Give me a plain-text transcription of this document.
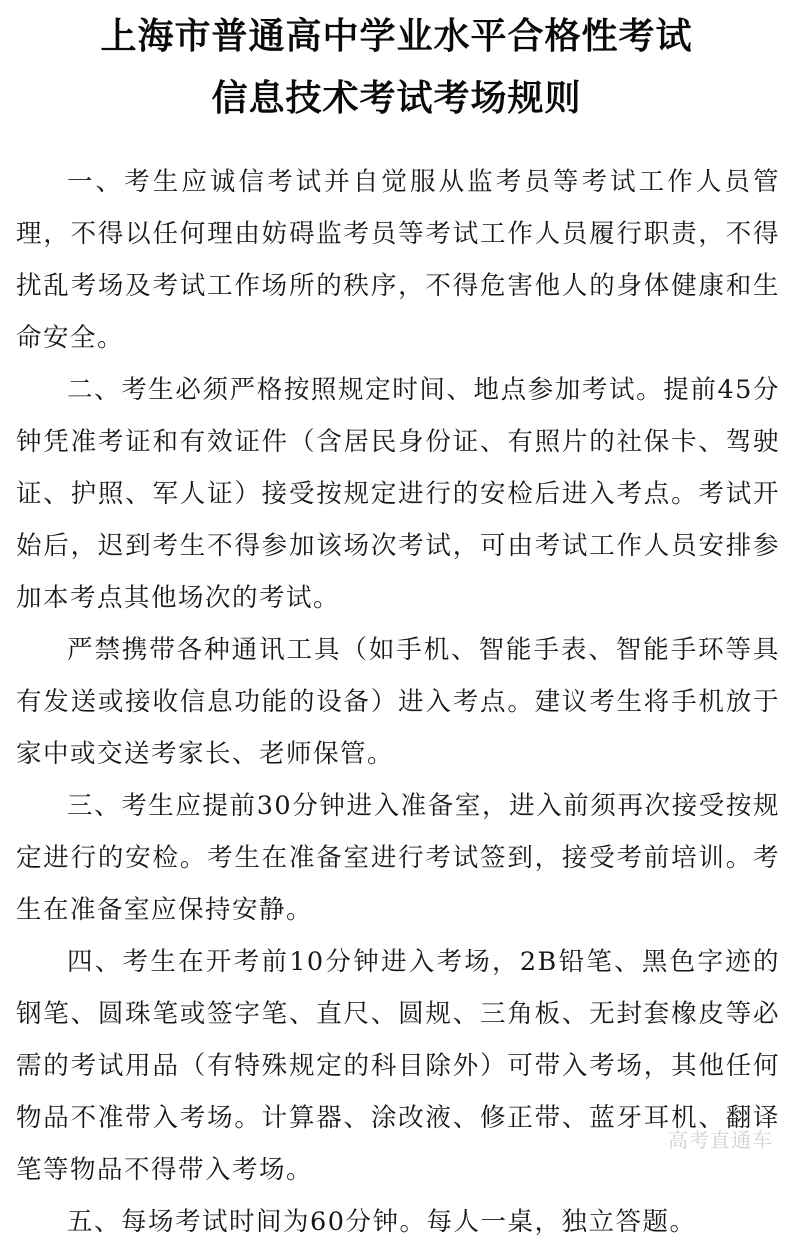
上海市普通高中学业水平合格性考试
信息技术考试考场规则

一、考生应诚信考试并自觉服从监考员等考试工作人员管理，不得以任何理由妨碍监考员等考试工作人员履行职责，不得扰乱考场及考试工作场所的秩序，不得危害他人的身体健康和生命安全。

二、考生必须严格按照规定时间、地点参加考试。提前45分钟凭准考证和有效证件（含居民身份证、有照片的社保卡、驾驶证、护照、军人证）接受按规定进行的安检后进入考点。考试开始后，迟到考生不得参加该场次考试，可由考试工作人员安排参加本考点其他场次的考试。

严禁携带各种通讯工具（如手机、智能手表、智能手环等具有发送或接收信息功能的设备）进入考点。建议考生将手机放于家中或交送考家长、老师保管。

三、考生应提前30分钟进入准备室，进入前须再次接受按规定进行的安检。考生在准备室进行考试签到，接受考前培训。考生在准备室应保持安静。

四、考生在开考前10分钟进入考场，2B铅笔、黑色字迹的钢笔、圆珠笔或签字笔、直尺、圆规、三角板、无封套橡皮等必需的考试用品（有特殊规定的科目除外）可带入考场，其他任何物品不准带入考场。计算器、涂改液、修正带、蓝牙耳机、翻译笔等物品不得带入考场。

五、每场考试时间为60分钟。每人一桌，独立答题。

高考直通车
